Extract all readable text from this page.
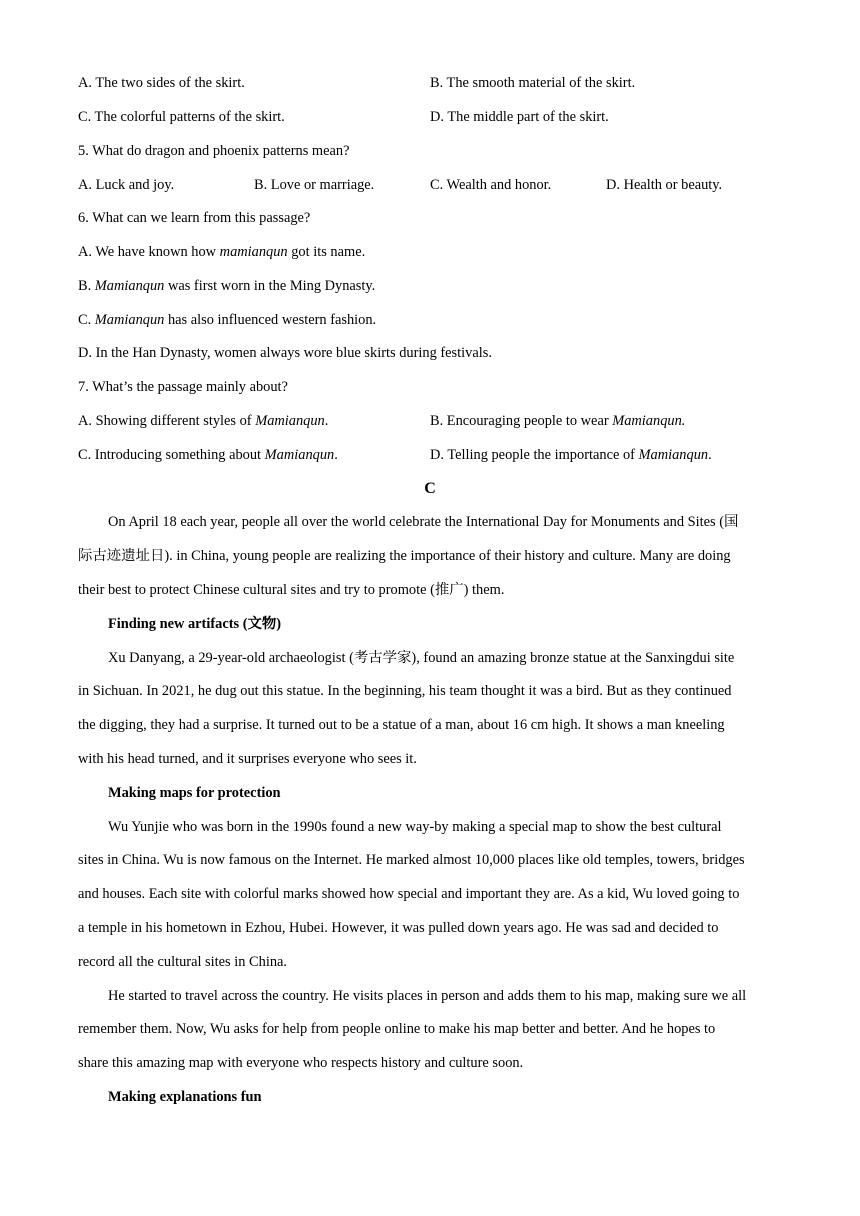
A. The two sides of the skirt.	B. The smooth material of the skirt.
C. The colorful patterns of the skirt.	D. The middle part of the skirt.
5. What do dragon and phoenix patterns mean?
A. Luck and joy.	B. Love or marriage.	C. Wealth and honor.	D. Health or beauty.
6. What can we learn from this passage?
A. We have known how mamianqun got its name.
B. Mamianqun was first worn in the Ming Dynasty.
C. Mamianqun has also influenced western fashion.
D. In the Han Dynasty, women always wore blue skirts during festivals.
7. What’s the passage mainly about?
A. Showing different styles of Mamianqun.	B. Encouraging people to wear Mamianqun.
C. Introducing something about Mamianqun.	D. Telling people the importance of Mamianqun.
C
On April 18 each year, people all over the world celebrate the International Day for Monuments and Sites (国
际古迹遗址日). in China, young people are realizing the importance of their history and culture. Many are doing
their best to protect Chinese cultural sites and try to promote (推广) them.
Finding new artifacts (文物)
Xu Danyang, a 29-year-old archaeologist (考古学家), found an amazing bronze statue at the Sanxingdui site
in Sichuan. In 2021, he dug out this statue. In the beginning, his team thought it was a bird. But as they continued
the digging, they had a surprise. It turned out to be a statue of a man, about 16 cm high. It shows a man kneeling
with his head turned, and it surprises everyone who sees it.
Making maps for protection
Wu Yunjie who was born in the 1990s found a new way-by making a special map to show the best cultural
sites in China. Wu is now famous on the Internet. He marked almost 10,000 places like old temples, towers, bridges
and houses. Each site with colorful marks showed how special and important they are. As a kid, Wu loved going to
a temple in his hometown in Ezhou, Hubei. However, it was pulled down years ago. He was sad and decided to
record all the cultural sites in China.
He started to travel across the country. He visits places in person and adds them to his map, making sure we all
remember them. Now, Wu asks for help from people online to make his map better and better. And he hopes to
share this amazing map with everyone who respects history and culture soon.
Making explanations fun
